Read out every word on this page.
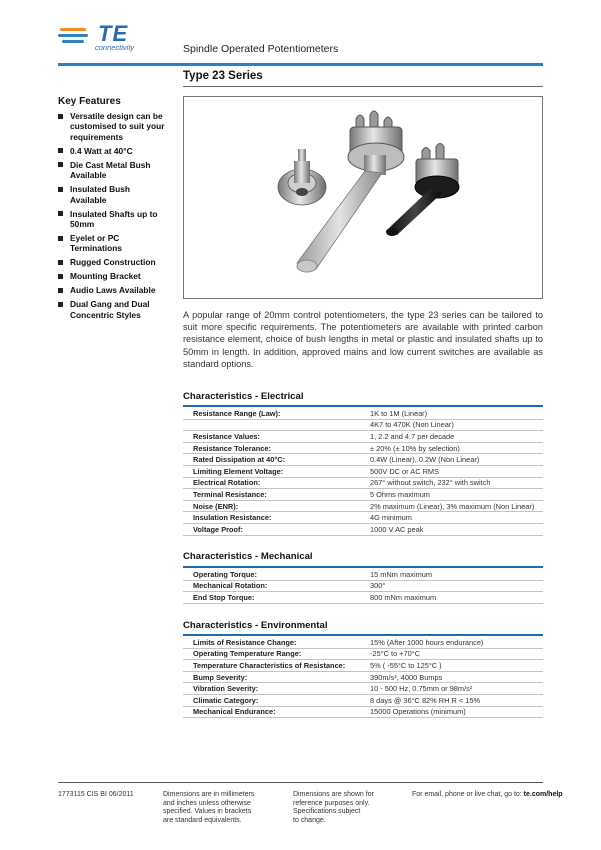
TE
connectivity	Spindle Operated Potentiometers
Type 23 Series
Key Features
Versatile design can be customised to suit your requirements
0.4 Watt at 40°C
Die Cast Metal Bush Available
Insulated Bush Available
Insulated Shafts up to 50mm
Eyelet or PC Terminations
Rugged Construction
Mounting Bracket
Audio Laws Available
Dual Gang and Dual Concentric Styles	A popular range of 20mm control potentiometers, the type 23 series can be tailored to suit more specific requirements. The potentiometers are available with printed carbon resistance element, choice of bush lengths in metal or plastic and insulated shafts up to 50mm in length. In addition, approved mains and low current switches are available as standard options.

Characteristics - Electrical
Resistance Range (Law):	1K to 1M (Linear)
4K7 to 470K (Non Linear)
Resistance Values:	1, 2.2 and 4.7 per decade
Resistance Tolerance:	± 20% (± 10% by selection)
Rated Dissipation at 40°C:	0.4W (Linear), 0.2W (Non Linear)
Limiting Element Voltage:	500V DC or AC RMS
Electrical Rotation:	267° without switch, 232° with switch
Terminal Resistance:	5 Ohms maximum
Noise (ENR):	2% maximum (Linear), 3% maximum (Non Linear)
Insulation Resistance:	4G minimum
Voltage Proof:	1000 V AC peak
Characteristics - Mechanical
Operating Torque:	15 mNm maximum
Mechanical Rotation:	300°
End Stop Torque:	800 mNm maximum
Characteristics - Environmental
Limits of Resistance Change:	15% (After 1000 hours endurance)
Operating Temperature Range:	-25°C to +70°C
Temperature Characteristics of Resistance:	5% ( -55°C to 125°C )
Bump Severity:	390m/s², 4000 Bumps
Vibration Severity:	10 - 500 Hz, 0.75mm or 98m/s²
Climatic Category:	8 days @ 36°C 82% RH R < 15%
Mechanical Endurance:	15000 Operations (minimum)
1773115 CIS BI 06/2011	Dimensions are in millimeters
and inches unless otherwise
specified. Values in brackets
are standard equivalents.
Dimensions are shown for
reference purposes only.
Specifications subject
to change.
For email, phone or live chat, go to: te.com/help
